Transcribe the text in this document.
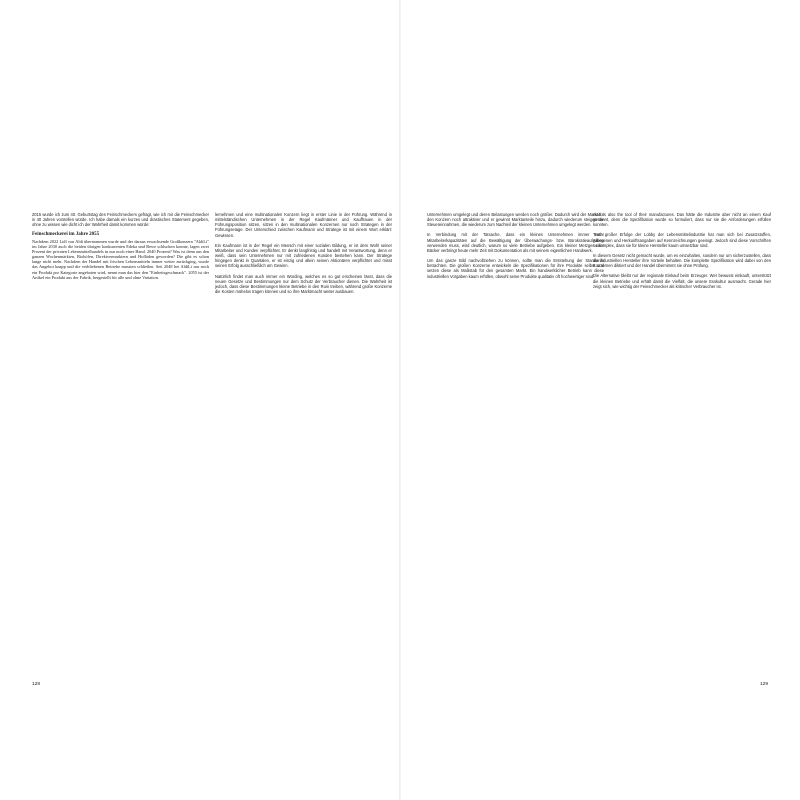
2015 wurde ich zum 40. Geburtstag des Feinschmeckers gefragt, wie ich mir die Feinschmecker in 40 Jahren vorstellen würde. Ich habe damals ein kurzes und drastisches Statement gegeben, ohne zu wissen wie dicht ich der Wahrheit damit kommen würde:

Feinschmeckerei im Jahre 2055

Nachdem 2022 Lidl von Aldi übernommen wurde und der daraus erwachsende Großkonzern "AldiLi" im Jahre 2030 auch die beiden übrigen konkurrenten Edeka und Rewe schlucken konnte, lagen zwei Prozent der privaten Lebensmittelhandels in nur noch einer Hand. 2040 Prozent? Was ist denn aus den ganzen Wochenmärkten, Biohöfen, Direktvermarktern und Hofläden geworden? Die gibt es schon lange nicht mehr. Nachdem der Handel mit frischen Lebensmitteln immer weiter zurückging, wurde das Angebot knapp und die verbliebenen Betriebe mussten schließen. Seit 2048 bei AldiLi nur noch ein Produkt pro Kategorie angeboten wird, nennt man das hier den "Einheitsgeschmack". 2055 ist der Artikel ein Produkt aus der Fabrik, hergestellt für alle und ohne Variation.

lernehmen und eine multinationalen Konzern liegt in erster Linie in der Führung. Während in mittelständischen Unternehmen in der Regel Kaufmänner und Kauffrauen in der Führungsposition sitzen, sitzen in den multinationalen Konzernen nur noch Strategen in der Führungsetage. Der Unterschied zwischen Kaufmann und Stratege ist mit einem Wort erklärt: Gewissen.

Ein Kaufmann ist in der Regel ein Mensch mit einer sozialen Bildung, er ist dem Wohl seiner Mitarbeiter und Kunden verpflichtet. Er denkt langfristig und handelt mit Verantwortung, denn er weiß, dass sein Unternehmen nur mit zufriedenen Kunden bestehen kann. Der Stratege hingegen denkt in Quartalen, er ist einzig und allein seinen Aktionären verpflichtet und misst seinen Erfolg ausschließlich am Gewinn.

Natürlich findet man auch immer ein Wording, welches es so gut erscheinen lässt, dass die neuen Gesetze und Bestimmungen nur dem Schutz der Verbraucher dienen. Die Wahrheit ist jedoch, dass diese Bestimmungen kleine Betriebe in den Ruin treiben, während große Konzerne die Kosten mühelos tragen können und so ihre Marktmacht weiter ausbauen.

Unternehmen umgelegt und deren Belastungen werden noch größer. Dadurch wird der Markt für den Konzern noch attraktiver und er gewinnt Marktanteile hinzu, dadurch wiederum steigen die Steuereinnahmen, die wiederum zum Nachteil der kleinen Unternehmen umgelegt werden.

In Verbindung mit der Tatsache, dass ein kleines Unternehmen immer mehr Mitarbeiterkapazitäten auf die Bewältigung der Überwachungs- bzw. Bürokratieaufgaben verwenden muss, wird deutlich, warum so viele Betriebe aufgeben. Ein kleiner Metzger oder Bäcker verbringt heute mehr Zeit mit Dokumentation als mit seinem eigentlichen Handwerk.

Um das ganze Bild nachvollziehen zu können, sollte man die Entstehung der Standards betrachten. Die großen Konzerne entwickeln die Spezifikationen für ihre Produkte selbst und setzen diese als Maßstab für den gesamten Markt. Ein handwerklicher Betrieb kann diese industriellen Vorgaben kaum erfüllen, obwohl seine Produkte qualitativ oft hochwertiger sind.

man is also the tool of their manufactures. Das hätte die Industrie aber nicht an einem Kauf getrennt, denn die Spezifikation wurde so formuliert, dass nur sie die Anforderungen erfüllen konnten.

Trotz großer Erfolge der Lobby der Lebensmittelindustrie hat man sich bei Zusatzstoffen, Allergenen und Herkunftsangaben auf Kennzeichnungen geeinigt. Jedoch sind diese Vorschriften so komplex, dass sie für kleine Hersteller kaum umsetzbar sind.

In diesem Gesetz nicht gemacht wurde, um es einzuhalten, sondern nur um sicherzustellen, dass die industriellen Hersteller ihre Vorteile behalten. Die komplette Spezifikation wird dabei von den Konzernen diktiert und der Handel übernimmt sie ohne Prüfung.

Die Alternative bleibt nur der regionale Einkauf beim Erzeuger. Wer bewusst einkauft, unterstützt die kleinen Betriebe und erhält damit die Vielfalt, die unsere Esskultur ausmacht. Gerade hier zeigt sich, wie wichtig der Feinschmecker als kritischer Verbraucher ist.

128	129
